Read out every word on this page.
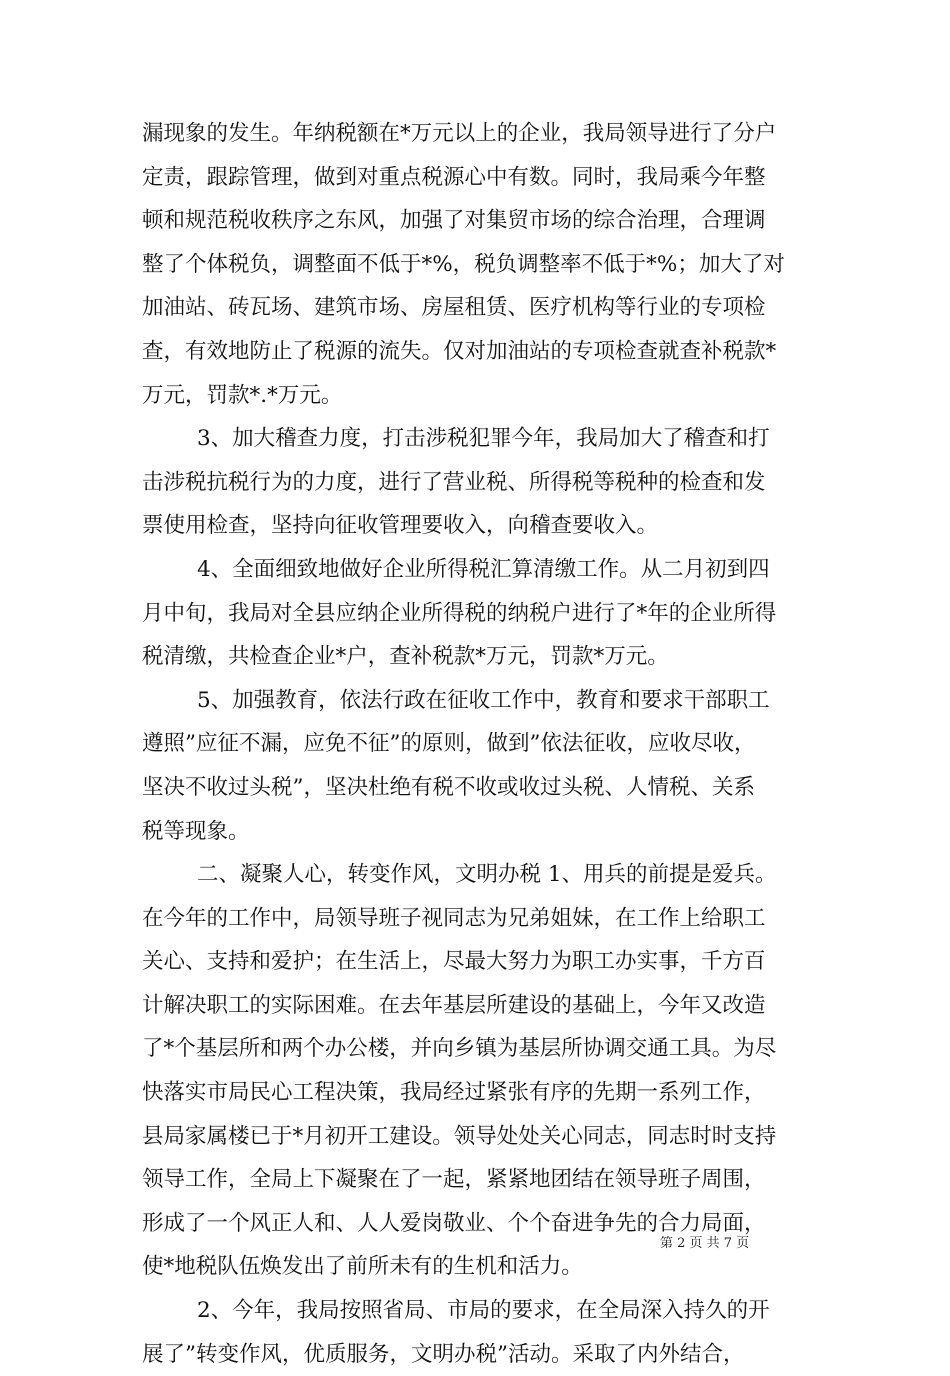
漏现象的发生。年纳税额在*万元以上的企业，我局领导进行了分户
定责，跟踪管理，做到对重点税源心中有数。同时，我局乘今年整
顿和规范税收秩序之东风，加强了对集贸市场的综合治理，合理调
整了个体税负，调整面不低于*%，税负调整率不低于*%；加大了对
加油站、砖瓦场、建筑市场、房屋租赁、医疗机构等行业的专项检
查，有效地防止了税源的流失。仅对加油站的专项检查就查补税款*
万元，罚款*.*万元。
3、加大稽查力度，打击涉税犯罪今年，我局加大了稽查和打
击涉税抗税行为的力度，进行了营业税、所得税等税种的检查和发
票使用检查，坚持向征收管理要收入，向稽查要收入。
4、全面细致地做好企业所得税汇算清缴工作。从二月初到四
月中旬，我局对全县应纳企业所得税的纳税户进行了*年的企业所得
税清缴，共检查企业*户，查补税款*万元，罚款*万元。
5、加强教育，依法行政在征收工作中，教育和要求干部职工
遵照”应征不漏，应免不征”的原则，做到”依法征收，应收尽收，
坚决不收过头税”，坚决杜绝有税不收或收过头税、人情税、关系
税等现象。
二、凝聚人心，转变作风，文明办税 1、用兵的前提是爱兵。
在今年的工作中，局领导班子视同志为兄弟姐妹，在工作上给职工
关心、支持和爱护；在生活上，尽最大努力为职工办实事，千方百
计解决职工的实际困难。在去年基层所建设的基础上，今年又改造
了*个基层所和两个办公楼，并向乡镇为基层所协调交通工具。为尽
快落实市局民心工程决策，我局经过紧张有序的先期一系列工作，
县局家属楼已于*月初开工建设。领导处处关心同志，同志时时支持
领导工作，全局上下凝聚在了一起，紧紧地团结在领导班子周围，
形成了一个风正人和、人人爱岗敬业、个个奋进争先的合力局面，
使*地税队伍焕发出了前所未有的生机和活力。
2、今年，我局按照省局、市局的要求，在全局深入持久的开
展了”转变作风，优质服务，文明办税”活动。采取了内外结合，
第 2 页 共 7 页
